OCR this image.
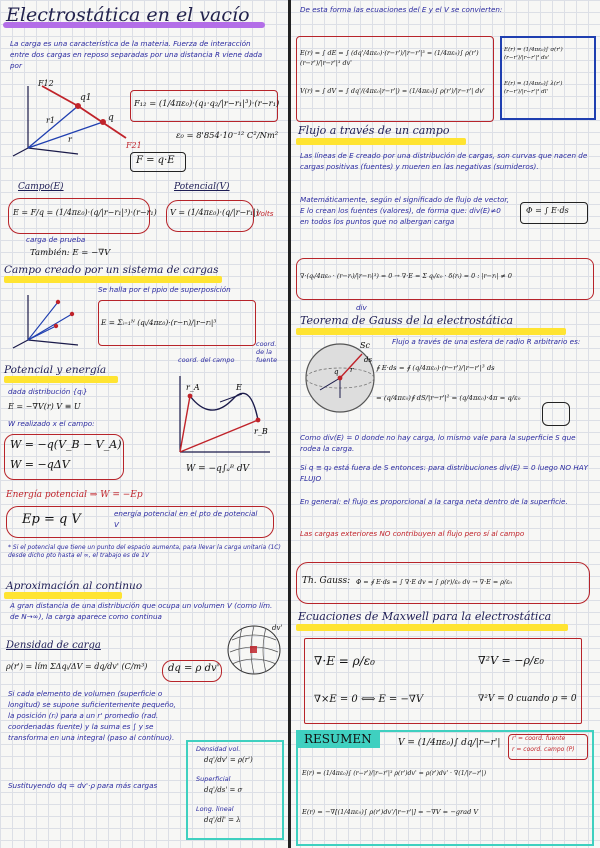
Electrostática en el vacío
La carga es una característica de la materia. Fuerza de interacción entre dos cargas en reposo separadas por una distancia R viene dada por
q1
q
F12
F21
r1
r
F₁₂ = (1/4πε₀)·(q₁·q₂/|r−r₁|³)·(r−r₁)
ε₀ = 8'854·10⁻¹² C²/Nm²
F = q·E
Campo(E)	Potencial(V)
E = F/q = (1/4πε₀)·(q/|r−r₁|³)·(r−r₁) V = (1/4πε₀)·(q/|r−r₁|)
Volts
carga de prueba
También: E = −∇V
Campo creado por un sistema de cargas
Se halla por el ppio de superposición
E = Σᵢ₌₁ᴺ (qᵢ/4πε₀)·(r−rᵢ)/|r−rᵢ|³
coord. de la fuente
coord. del campo
Potencial y energía
dada distribución {qᵢ}
E = −∇V(r) V ≡ U
W realizado x el campo:
W = −q(V_B − V_A)
W = −qΔV
r_A
r_B
E
W = −q∫ₐᴮ dV
Energía potencial ⇒ W = −Ep
Ep = q V	energía potencial en el pto de potencial V
* Si el potencial que tiene un punto del espacio aumenta, para llevar la carga unitaria (1C) desde dicho pto hasta el ∞, el trabajo es de 1V
Aproximación al continuo
A gran distancia de una distribución que ocupa un volumen V (como lím. de N→∞), la carga aparece como continua
Densidad de carga
ρ(r') = lím ΣΔqᵢ/ΔV = dq/dv' (C/m³) dq = ρ dv'
dv'
Si cada elemento de volumen (superficie o longitud) se supone suficientemente pequeño, la posición (rᵢ) para a un r' promedio (rad. coordenadas fuente) y la suma es ∫ y se transforma en una integral (paso al continuo).
Sustituyendo dq = dv'·ρ para más cargas
Densidad vol.
dq'/dv' = ρ(r')
Superficial
dq'/ds' = σ
Long. lineal
dq'/dl' = λ
De esta forma las ecuaciones del E y el V se convierten:
E(r) = ∫ dE = ∫ (dq'/4πε₀)·(r−r')/|r−r'|³ = (1/4πε₀)∫ ρ(r')(r−r')/|r−r'|³ dv'
V(r) = ∫ dV = ∫ dq'/(4πε₀|r−r'|) = (1/4πε₀)∫ ρ(r')/|r−r'| dv'
E(r) = (1/4πε₀)∫ σ(r')(r−r')/|r−r'|³ ds'
E(r) = (1/4πε₀)∫ λ(r')(r−r')/|r−r'|³ dl'
Flujo a través de un campo
Las líneas de E creado por una distribución de cargas, son curvas que nacen de cargas positivas (fuentes) y mueren en las negativas (sumideros).
Matemáticamente, según el significado de flujo de vector, E lo crean los fuentes (valores), de forma que: div(E)≠0 en todos los puntos que no albergan carga
Φ = ∫ E·ds
∇·(qᵢ/4πε₀ · (r−rᵢ)/|r−rᵢ|³) = 0 → ∇·E = Σ qᵢ/ε₀ · δ(rᵢ) = 0 : |r−rᵢ| ≠ 0
div
Teorema de Gauss de la electrostática
Sc
ds
q r
Flujo a través de una esfera de radio R arbitrario es:
∮ E·ds = ∮ (q/4πε₀)·(r−r')/|r−r'|³ ds
= (q/4πε₀)∮ dS/|r−r'|² = (q/4πε₀)·4π = q/ε₀
Como div(E) = 0 donde no hay carga, lo mismo vale para la superficie S que rodea la carga.
Si q ≡ q₂ está fuera de S entonces: para distribuciones div(E) = 0 luego NO HAY FLUJO
En general: el flujo es proporcional a la carga neta dentro de la superficie.
Las cargas exteriores NO contribuyen al flujo pero sí al campo
Th. Gauss: Φ = ∮ E·ds = ∫ ∇·E dv = ∫ ρ(r)/ε₀ dv → ∇·E = ρ/ε₀
Ecuaciones de Maxwell para la electrostática
∇·E = ρ/ε₀
∇×E = 0 ⟺ E = −∇V
∇²V = −ρ/ε₀
∇²V = 0 cuando ρ = 0
RESUMEN	V = (1/4πε₀)∫ dq/|r−r'| r' = coord. fuente
r = coord. campo (P)
E(r) = (1/4πε₀)∫ (r−r')/|r−r'|³ ρ(r')dv' = ρ(r')dv' · ∇(1/|r−r'|)
E(r) = −∇[(1/4πε₀)∫ ρ(r')dv'/|r−r'|] = −∇V = −grad V
